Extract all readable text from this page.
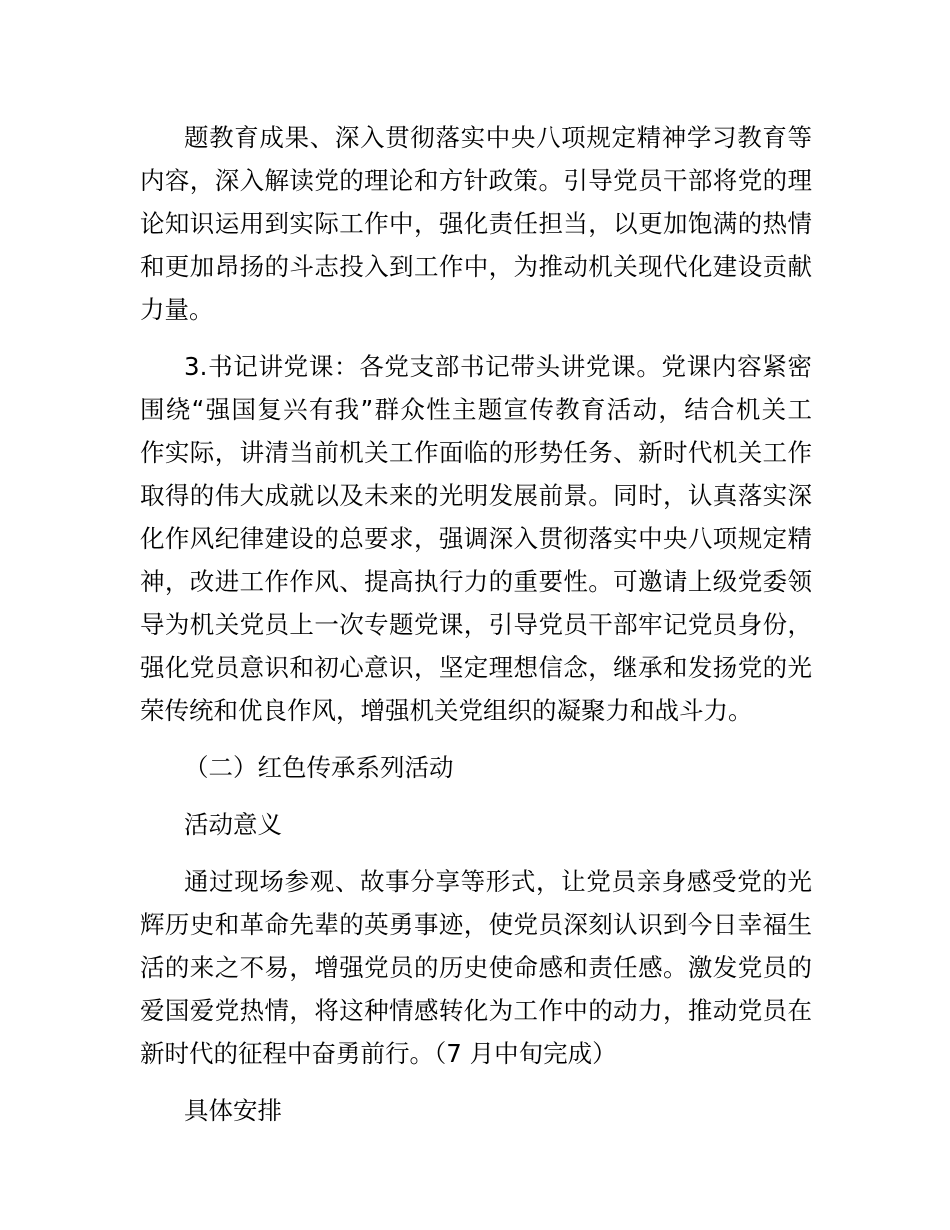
题教育成果、深入贯彻落实中央八项规定精神学习教育等
内容，深入解读党的理论和方针政策。引导党员干部将党的理
论知识运用到实际工作中，强化责任担当，以更加饱满的热情
和更加昂扬的斗志投入到工作中，为推动机关现代化建设贡献
力量。
3.书记讲党课：各党支部书记带头讲党课。党课内容紧密
围绕“强国复兴有我”群众性主题宣传教育活动，结合机关工
作实际，讲清当前机关工作面临的形势任务、新时代机关工作
取得的伟大成就以及未来的光明发展前景。同时，认真落实深
化作风纪律建设的总要求，强调深入贯彻落实中央八项规定精
神，改进工作作风、提高执行力的重要性。可邀请上级党委领
导为机关党员上一次专题党课，引导党员干部牢记党员身份，
强化党员意识和初心意识，坚定理想信念，继承和发扬党的光
荣传统和优良作风，增强机关党组织的凝聚力和战斗力。
（二）红色传承系列活动
活动意义
通过现场参观、故事分享等形式，让党员亲身感受党的光
辉历史和革命先辈的英勇事迹，使党员深刻认识到今日幸福生
活的来之不易，增强党员的历史使命感和责任感。激发党员的
爱国爱党热情，将这种情感转化为工作中的动力，推动党员在
新时代的征程中奋勇前行。（7 月中旬完成）
具体安排
